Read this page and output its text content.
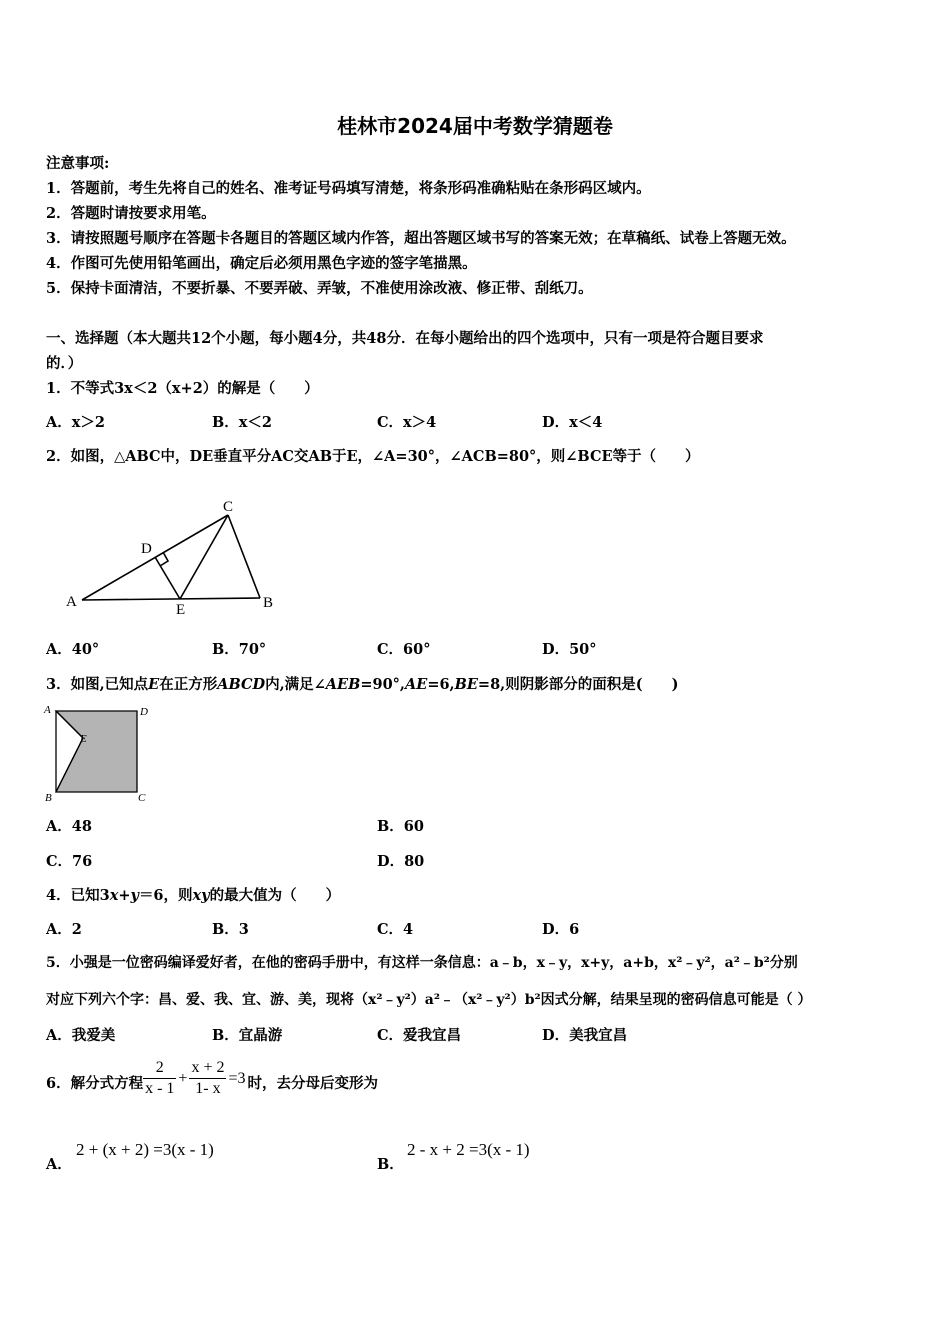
桂林市2024届中考数学猜题卷
注意事项:
1．答题前，考生先将自己的姓名、准考证号码填写清楚，将条形码准确粘贴在条形码区域内。
2．答题时请按要求用笔。
3．请按照题号顺序在答题卡各题目的答题区域内作答，超出答题区域书写的答案无效；在草稿纸、试卷上答题无效。
4．作图可先使用铅笔画出，确定后必须用黑色字迹的签字笔描黑。
5．保持卡面清洁，不要折暴、不要弄破、弄皱，不准使用涂改液、修正带、刮纸刀。
一、选择题（本大题共12个小题，每小题4分，共48分．在每小题给出的四个选项中，只有一项是符合题目要求
的．）
1．不等式3x＜2（x+2）的解是（　　）
A．x＞2	B．x＜2	C．x＞4	D．x＜4
2．如图，△ABC中，DE垂直平分AC交AB于E，∠A=30°，∠ACB=80°，则∠BCE等于（　　）
A	B
C
D
E
A．40°	B．70°	C．60°	D．50°
3．如图,已知点E在正方形ABCD内,满足∠AEB=90°,AE=6,BE=8,则阴影部分的面积是(　　)
A	D
E
B	C
A．48	B．60
C．76	D．80
4．已知3x+y＝6，则xy的最大值为（　　）
A．2	B．3	C．4	D．6
5．小强是一位密码编译爱好者，在他的密码手册中，有这样一条信息：a﹣b，x﹣y，x+y，a+b，x²﹣y²，a²﹣b²分别
对应下列六个字：昌、爱、我、宜、游、美，现将（x²﹣y²）a²﹣（x²﹣y²）b²因式分解，结果呈现的密码信息可能是（ ）
A．我爱美	B．宜晶游	C．爱我宜昌	D．美我宜昌
6．解分式方程 $\frac{2}{x - 1} + \frac{x + 2}{1- x} =3$ 时，去分母后变形为
A．
2 + (x + 2) =3(x - 1)
B．
2 - x + 2 =3(x - 1)
